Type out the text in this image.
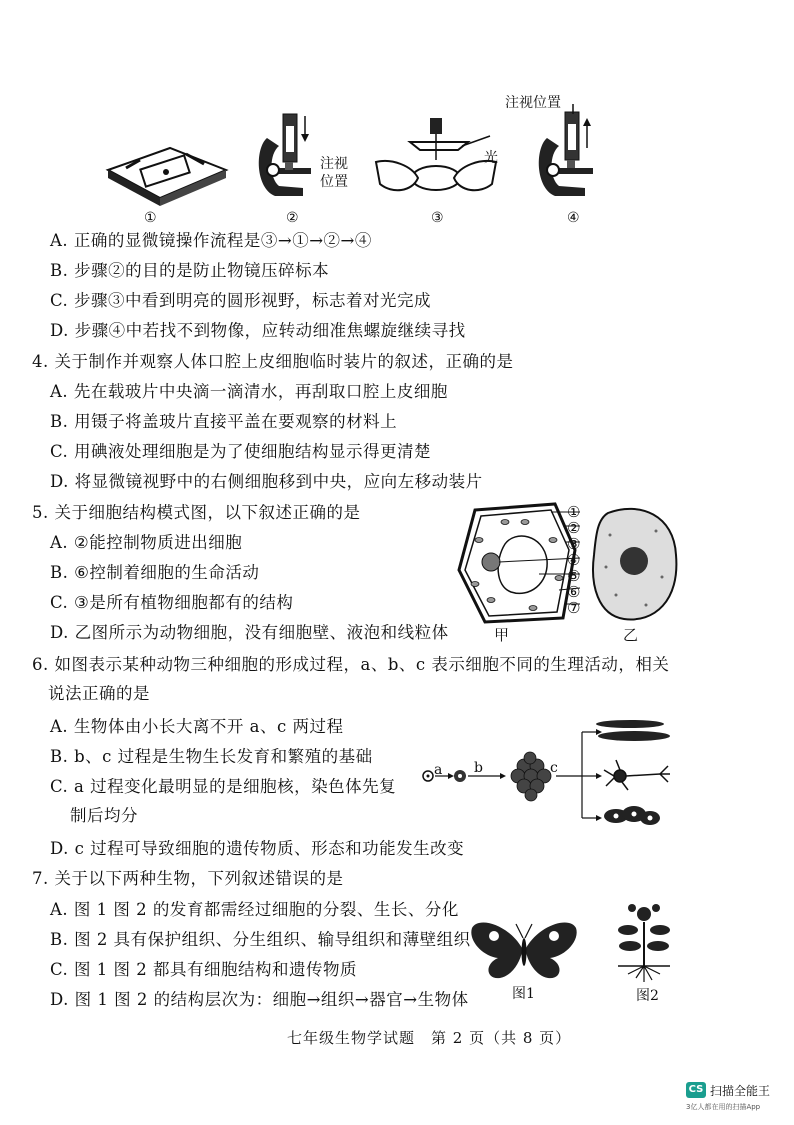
注视
位置
注视位置
光
①	②	③	④
A. 正确的显微镜操作流程是③→①→②→④
B. 步骤②的目的是防止物镜压碎标本
C. 步骤③中看到明亮的圆形视野，标志着对光完成
D. 步骤④中若找不到物像，应转动细准焦螺旋继续寻找
4. 关于制作并观察人体口腔上皮细胞临时装片的叙述，正确的是
A. 先在载玻片中央滴一滴清水，再刮取口腔上皮细胞
B. 用镊子将盖玻片直接平盖在要观察的材料上
C. 用碘液处理细胞是为了使细胞结构显示得更清楚
D. 将显微镜视野中的右侧细胞移到中央，应向左移动装片
5. 关于细胞结构模式图，以下叙述正确的是
A. ②能控制物质进出细胞
B. ⑥控制着细胞的生命活动
C. ③是所有植物细胞都有的结构
D. 乙图所示为动物细胞，没有细胞壁、液泡和线粒体
①
②
③
④
⑤
⑥
⑦
甲	乙
6. 如图表示某种动物三种细胞的形成过程，a、b、c 表示细胞不同的生理活动，相关
说法正确的是
A. 生物体由小长大离不开 a、c 两过程
B. b、c 过程是生物生长发育和繁殖的基础
C. a 过程变化最明显的是细胞核，染色体先复
制后均分
D. c 过程可导致细胞的遗传物质、形态和功能发生改变
a b	c
7. 关于以下两种生物，下列叙述错误的是
A. 图 1 图 2 的发育都需经过细胞的分裂、生长、分化
B. 图 2 具有保护组织、分生组织、输导组织和薄壁组织
C. 图 1 图 2 都具有细胞结构和遗传物质
D. 图 1 图 2 的结构层次为：细胞→组织→器官→生物体	图1	图2
七年级生物学试题　第 2 页（共 8 页）
CS 扫描全能王
3亿人都在用的扫描App
